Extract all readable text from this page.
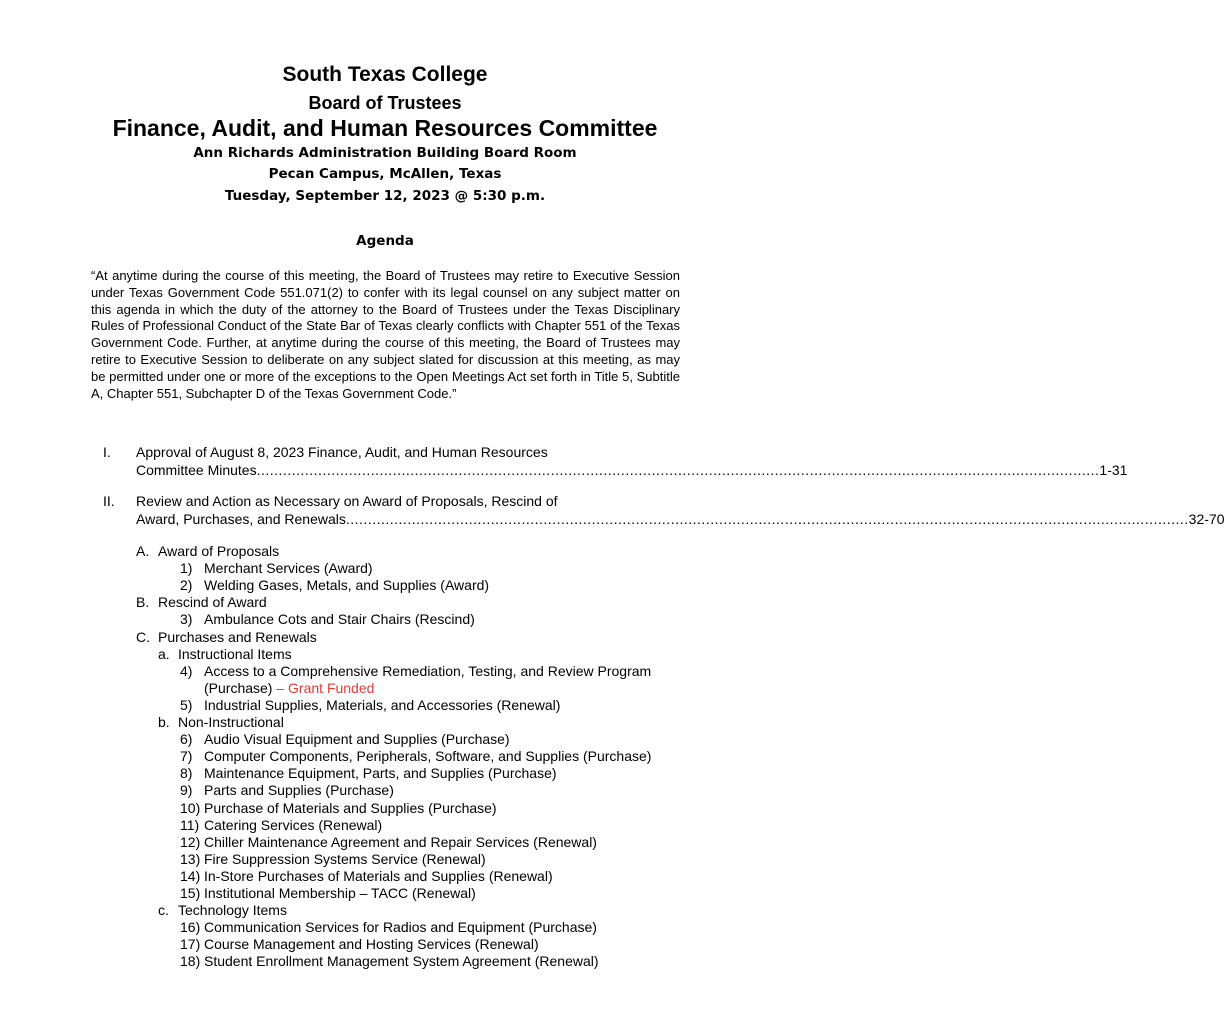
South Texas College
Board of Trustees
Finance, Audit, and Human Resources Committee
Ann Richards Administration Building Board Room
Pecan Campus, McAllen, Texas
Tuesday, September 12, 2023 @ 5:30 p.m.
Agenda
“At anytime during the course of this meeting, the Board of Trustees may retire to Executive Session under Texas Government Code 551.071(2) to confer with its legal counsel on any subject matter on this agenda in which the duty of the attorney to the Board of Trustees under the Texas Disciplinary Rules of Professional Conduct of the State Bar of Texas clearly conflicts with Chapter 551 of the Texas Government Code. Further, at anytime during the course of this meeting, the Board of Trustees may retire to Executive Session to deliberate on any subject slated for discussion at this meeting, as may be permitted under one or more of the exceptions to the Open Meetings Act set forth in Title 5, Subtitle A, Chapter 551, Subchapter D of the Texas Government Code.”
I. Approval of August 8, 2023 Finance, Audit, and Human Resources
Committee Minutes ................................................................................................................................................................................................ 1-31
II. Review and Action as Necessary on Award of Proposals, Rescind of
Award, Purchases, and Renewals ................................................................................................................................................................................................ 32-70
A. Award of Proposals
1) Merchant Services (Award)
2) Welding Gases, Metals, and Supplies (Award)
B. Rescind of Award
3) Ambulance Cots and Stair Chairs (Rescind)
C. Purchases and Renewals
a. Instructional Items
4) Access to a Comprehensive Remediation, Testing, and Review Program
(Purchase) – Grant Funded
5) Industrial Supplies, Materials, and Accessories (Renewal)
b. Non-Instructional
6) Audio Visual Equipment and Supplies (Purchase)
7) Computer Components, Peripherals, Software, and Supplies (Purchase)
8) Maintenance Equipment, Parts, and Supplies (Purchase)
9) Parts and Supplies (Purchase)
10) Purchase of Materials and Supplies (Purchase)
11) Catering Services (Renewal)
12) Chiller Maintenance Agreement and Repair Services (Renewal)
13) Fire Suppression Systems Service (Renewal)
14) In-Store Purchases of Materials and Supplies (Renewal)
15) Institutional Membership – TACC (Renewal)
c. Technology Items
16) Communication Services for Radios and Equipment (Purchase)
17) Course Management and Hosting Services (Renewal)
18) Student Enrollment Management System Agreement (Renewal)
